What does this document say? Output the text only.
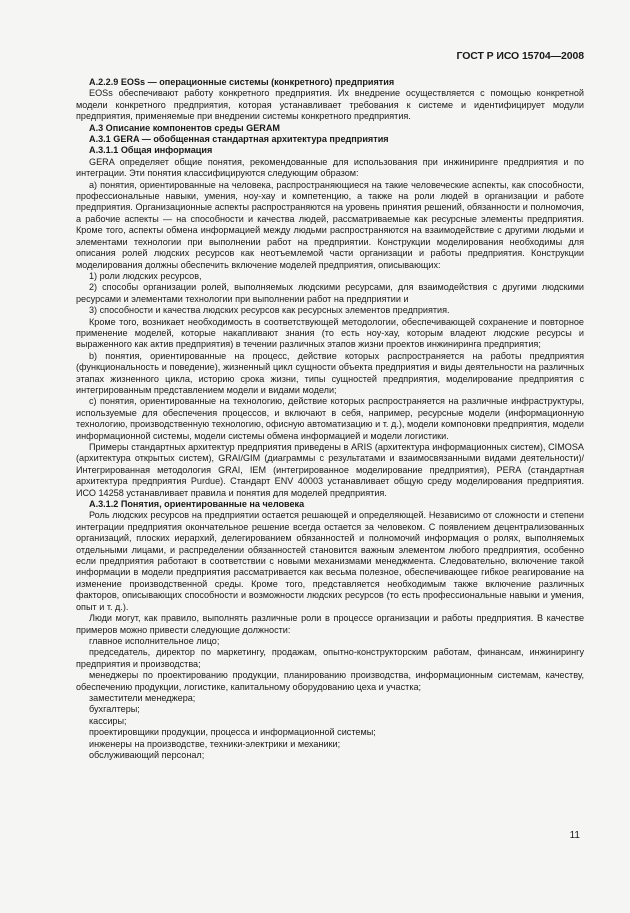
ГОСТ Р ИСО 15704—2008

А.2.2.9 EOSs — операционные системы (конкретного) предприятия

EOSs обеспечивают работу конкретного предприятия. Их внедрение осуществляется с помощью конкретной модели конкретного предприятия, которая устанавливает требования к системе и идентифицирует модули предприятия, применяемые при внедрении системы конкретного предприятия.

А.3 Описание компонентов среды GERAM

А.3.1 GERA — обобщенная стандартная архитектура предприятия

А.3.1.1 Общая информация

GERA определяет общие понятия, рекомендованные для использования при инжиниринге предприятия и по интеграции. Эти понятия классифицируются следующим образом:

а) понятия, ориентированные на человека, распространяющиеся на такие человеческие аспекты, как способности, профессиональные навыки, умения, ноу-хау и компетенцию, а также на роли людей в организации и работе предприятия. Организационные аспекты распространяются на уровень принятия решений, обязанности и полномочия, а рабочие аспекты — на способности и качества людей, рассматриваемые как ресурсные элементы предприятия. Кроме того, аспекты обмена информацией между людьми распространяются на взаимодействие с другими людьми и элементами технологии при выполнении работ на предприятии. Конструкции моделирования необходимы для описания ролей людских ресурсов как неотъемлемой части организации и работы предприятия. Конструкции моделирования должны обеспечить включение моделей предприятия, описывающих:

1) роли людских ресурсов,

2) способы организации ролей, выполняемых людскими ресурсами, для взаимодействия с другими людскими ресурсами и элементами технологии при выполнении работ на предприятии и

3) способности и качества людских ресурсов как ресурсных элементов предприятия.

Кроме того, возникает необходимость в соответствующей методологии, обеспечивающей сохранение и повторное применение моделей, которые накапливают знания (то есть ноу-хау, которым владеют людские ресурсы и выраженного как актив предприятия) в течении различных этапов жизни проектов инжиниринга предприятия;

b) понятия, ориентированные на процесс, действие которых распространяется на работы предприятия (функциональность и поведение), жизненный цикл сущности объекта предприятия и виды деятельности на различных этапах жизненного цикла, историю срока жизни, типы сущностей предприятия, моделирование предприятия с интегрированным представлением модели и видами модели;

c) понятия, ориентированные на технологию, действие которых распространяется на различные инфраструктуры, используемые для обеспечения процессов, и включают в себя, например, ресурсные модели (информационную технологию, производственную технологию, офисную автоматизацию и т. д.), модели компоновки предприятия, модели информационной системы, модели системы обмена информацией и модели логистики.

Примеры стандартных архитектур предприятия приведены в ARIS (архитектура информационных систем), CIMOSA (архитектура открытых систем), GRAI/GIM (диаграммы с результатами и взаимосвязанными видами деятельности)/Интегрированная методология GRAI, IEM (интегрированное моделирование предприятия), PERA (стандартная архитектура предприятия Purdue). Стандарт ENV 40003 устанавливает общую среду моделирования предприятия. ИСО 14258 устанавливает правила и понятия для моделей предприятия.

А.3.1.2 Понятия, ориентированные на человека

Роль людских ресурсов на предприятии остается решающей и определяющей. Независимо от сложности и степени интеграции предприятия окончательное решение всегда остается за человеком. С появлением децентрализованных организаций, плоских иерархий, делегированием обязанностей и полномочий информация о ролях, выполняемых отдельными лицами, и распределении обязанностей становится важным элементом любого предприятия, особенно если предприятия работают в соответствии с новыми механизмами менеджмента. Следовательно, включение такой информации в модели предприятия рассматривается как весьма полезное, обеспечивающее гибкое реагирование на изменение производственной среды. Кроме того, представляется необходимым также включение различных факторов, описывающих способности и возможности людских ресурсов (то есть профессиональные навыки и умения, опыт и т. д.).

Люди могут, как правило, выполнять различные роли в процессе организации и работы предприятия. В качестве примеров можно привести следующие должности:

главное исполнительное лицо;

председатель, директор по маркетингу, продажам, опытно-конструкторским работам, финансам, инжинирингу предприятия и производства;

менеджеры по проектированию продукции, планированию производства, информационным системам, качеству, обеспечению продукции, логистике, капитальному оборудованию цеха и участка;

заместители менеджера;

бухгалтеры;

кассиры;

проектировщики продукции, процесса и информационной системы;

инженеры на производстве, техники-электрики и механики;

обслуживающий персонал;

11
